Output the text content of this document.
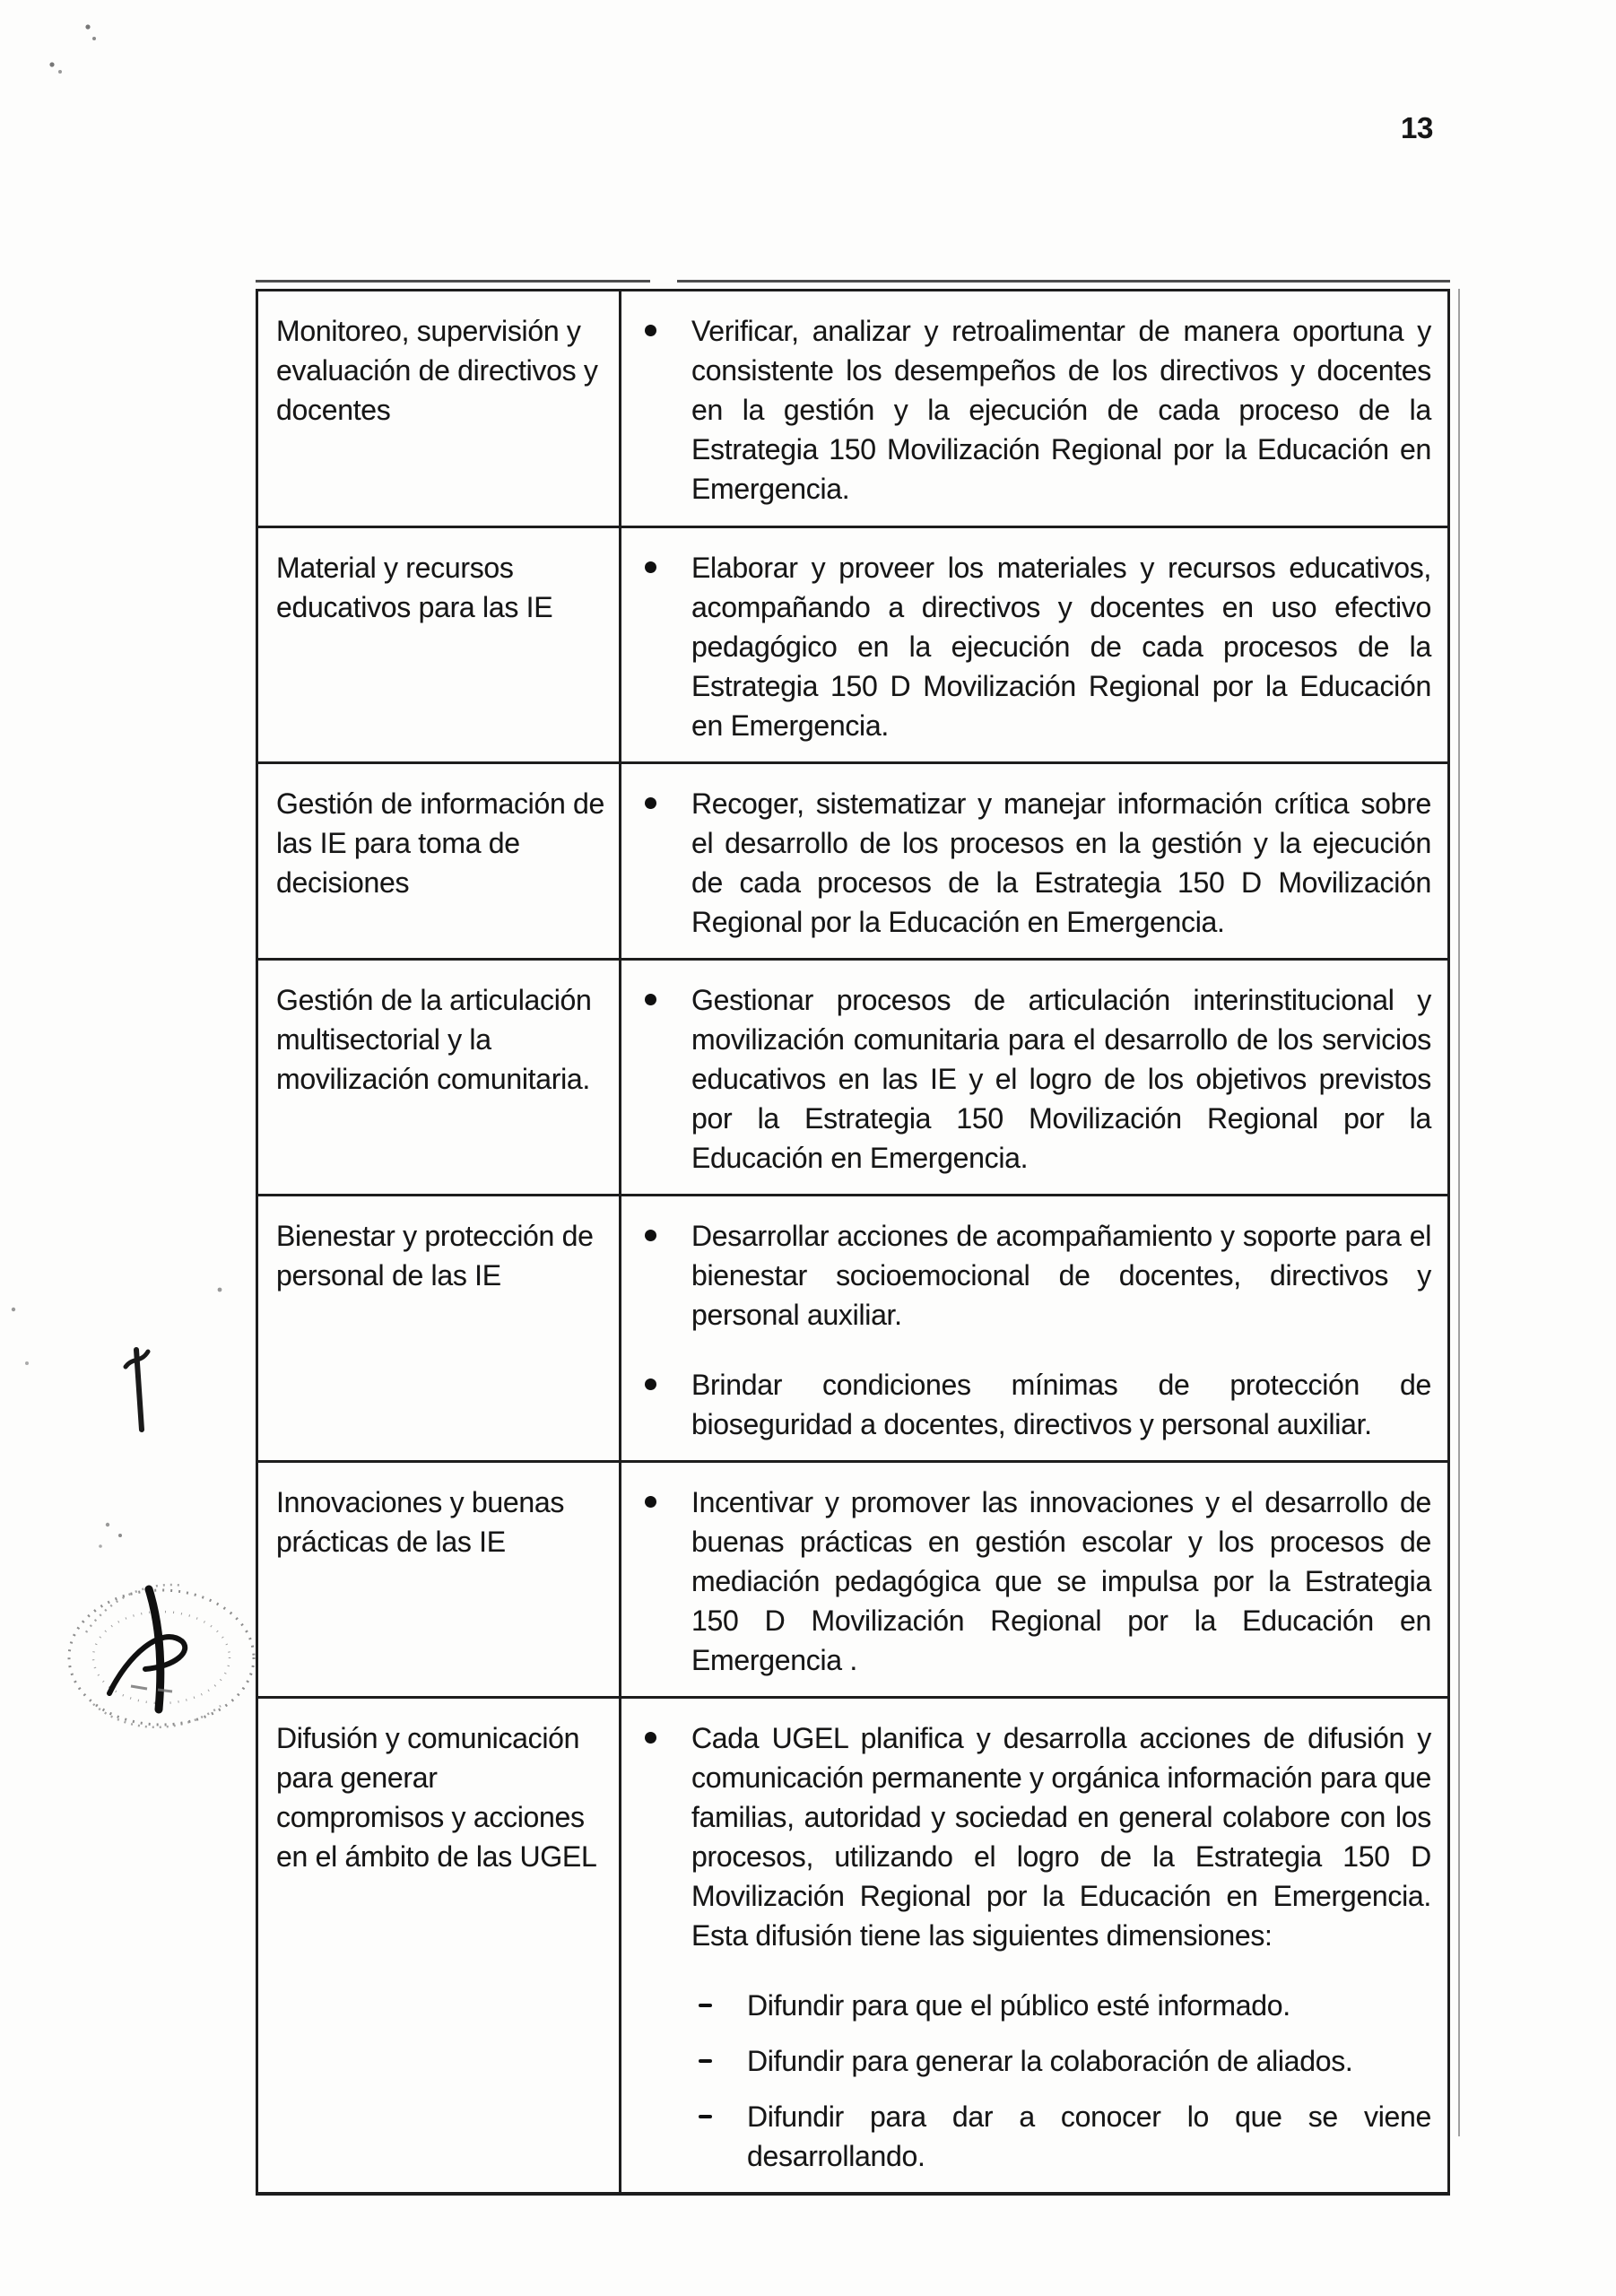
13
Monitoreo, supervisión y evaluación de directivos y docentes
Verificar, analizar y retroalimentar de manera oportuna y consistente los desempeños de los directivos y docentes en la gestión y la ejecución de cada proceso de la Estrategia 150 Movilización Regional por la Educación en Emergencia.
Material y recursos educativos para las IE
Elaborar y proveer los materiales y recursos educativos, acompañando a directivos y docentes en uso efectivo pedagógico en la ejecución de cada procesos de la Estrategia 150 D Movilización Regional por la Educación en Emergencia.
Gestión de información de las IE para toma de decisiones
Recoger, sistematizar y manejar información crítica sobre el desarrollo de los procesos en la gestión y la ejecución de cada procesos de la Estrategia 150 D Movilización Regional por la Educación en Emergencia.
Gestión de la articulación multisectorial y la movilización comunitaria.
Gestionar procesos de articulación interinstitucional y movilización comunitaria para el desarrollo de los servicios educativos en las IE y el logro de los objetivos previstos por la Estrategia 150 Movilización Regional por la Educación en Emergencia.
Bienestar y protección de personal de las IE
Desarrollar acciones de acompañamiento y soporte para el bienestar socioemocional de docentes, directivos y personal auxiliar.
Brindar condiciones mínimas de protección de bioseguridad a docentes, directivos y personal auxiliar.
Innovaciones y buenas prácticas de las IE
Incentivar y promover las innovaciones y el desarrollo de buenas prácticas en gestión escolar y los procesos de mediación pedagógica que se impulsa por la Estrategia 150 D Movilización Regional por la Educación en Emergencia .
Difusión y comunicación para generar compromisos y acciones en el ámbito de las UGEL
Cada UGEL planifica y desarrolla acciones de difusión y comunicación permanente y orgánica información para que familias, autoridad y sociedad en general colabore con los procesos, utilizando el logro de la Estrategia 150 D Movilización Regional por la Educación en Emergencia. Esta difusión tiene las siguientes dimensiones:
Difundir para que el público esté informado.
Difundir para generar la colaboración de aliados.
Difundir para dar a conocer lo que se viene desarrollando.
